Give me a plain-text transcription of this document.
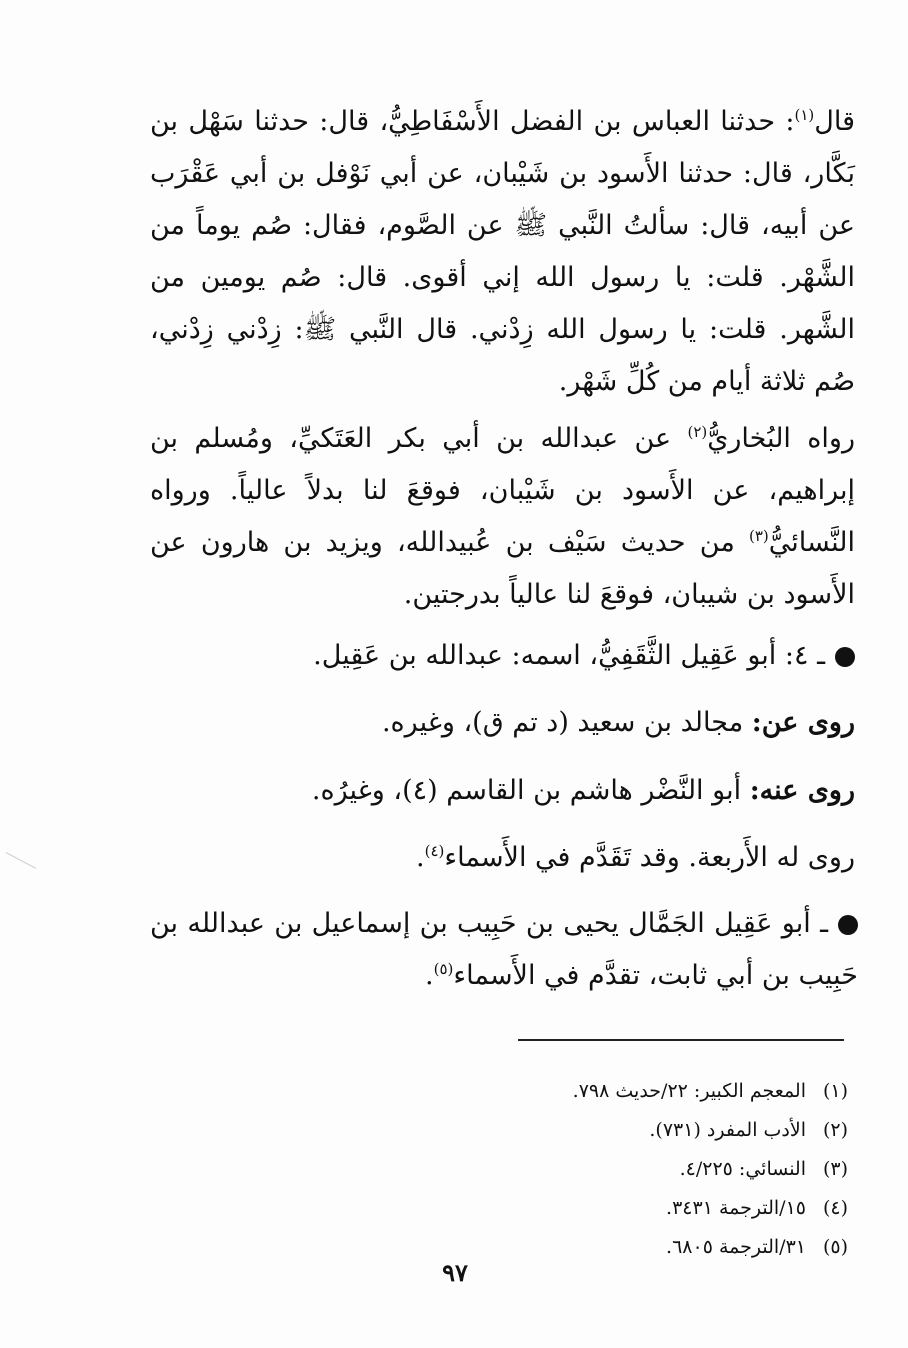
قال$^{(١)}$: حدثنا العباس بن الفضل الأَسْفَاطِيُّ، قال: حدثنا سَهْل بن بَكَّار، قال: حدثنا الأَسود بن شَيْبان، عن أبي نَوْفل بن أبي عَقْرَب عن أبيه، قال: سألتُ النَّبي ﷺ عن الصَّوم، فقال: صُم يوماً من الشَّهْر. قلت: يا رسول الله إني أقوى. قال: صُم يومين من الشَّهر. قلت: يا رسول الله زِدْني. قال النَّبي ﷺ: زِدْني زِدْني، صُم ثلاثة أيام من كُلِّ شَهْر.
رواه البُخاريُّ$^{(٢)}$ عن عبدالله بن أبي بكر العَتَكيِّ، ومُسلم بن إبراهيم، عن الأَسود بن شَيْبان، فوقعَ لنا بدلاً عالياً. ورواه النَّسائيُّ$^{(٣)}$ من حديث سَيْف بن عُبيدالله، ويزيد بن هارون عن الأَسود بن شيبان، فوقعَ لنا عالياً بدرجتين.
ـ ٤: أبو عَقِيل الثَّقَفِيُّ، اسمه: عبدالله بن عَقِيل.
روى عن: مجالد بن سعيد (د تم ق)، وغيره.
روى عنه: أبو النَّضْر هاشم بن القاسم (٤)، وغيرُه.
روى له الأَربعة. وقد تَقَدَّم في الأَسماء$^{(٤)}$.
ـ أبو عَقِيل الجَمَّال يحيى بن حَبِيب بن إسماعيل بن عبدالله بن حَبِيب بن أبي ثابت، تقدَّم في الأَسماء$^{(٥)}$.
(١)
المعجم الكبير: ٢٢/حديث ٧٩٨.
(٢)
الأدب المفرد (٧٣١).
(٣)
النسائي: ٤/٢٢٥.
(٤)
١٥/الترجمة ٣٤٣١.
(٥)
٣١/الترجمة ٦٨٠٥.
٩٧
